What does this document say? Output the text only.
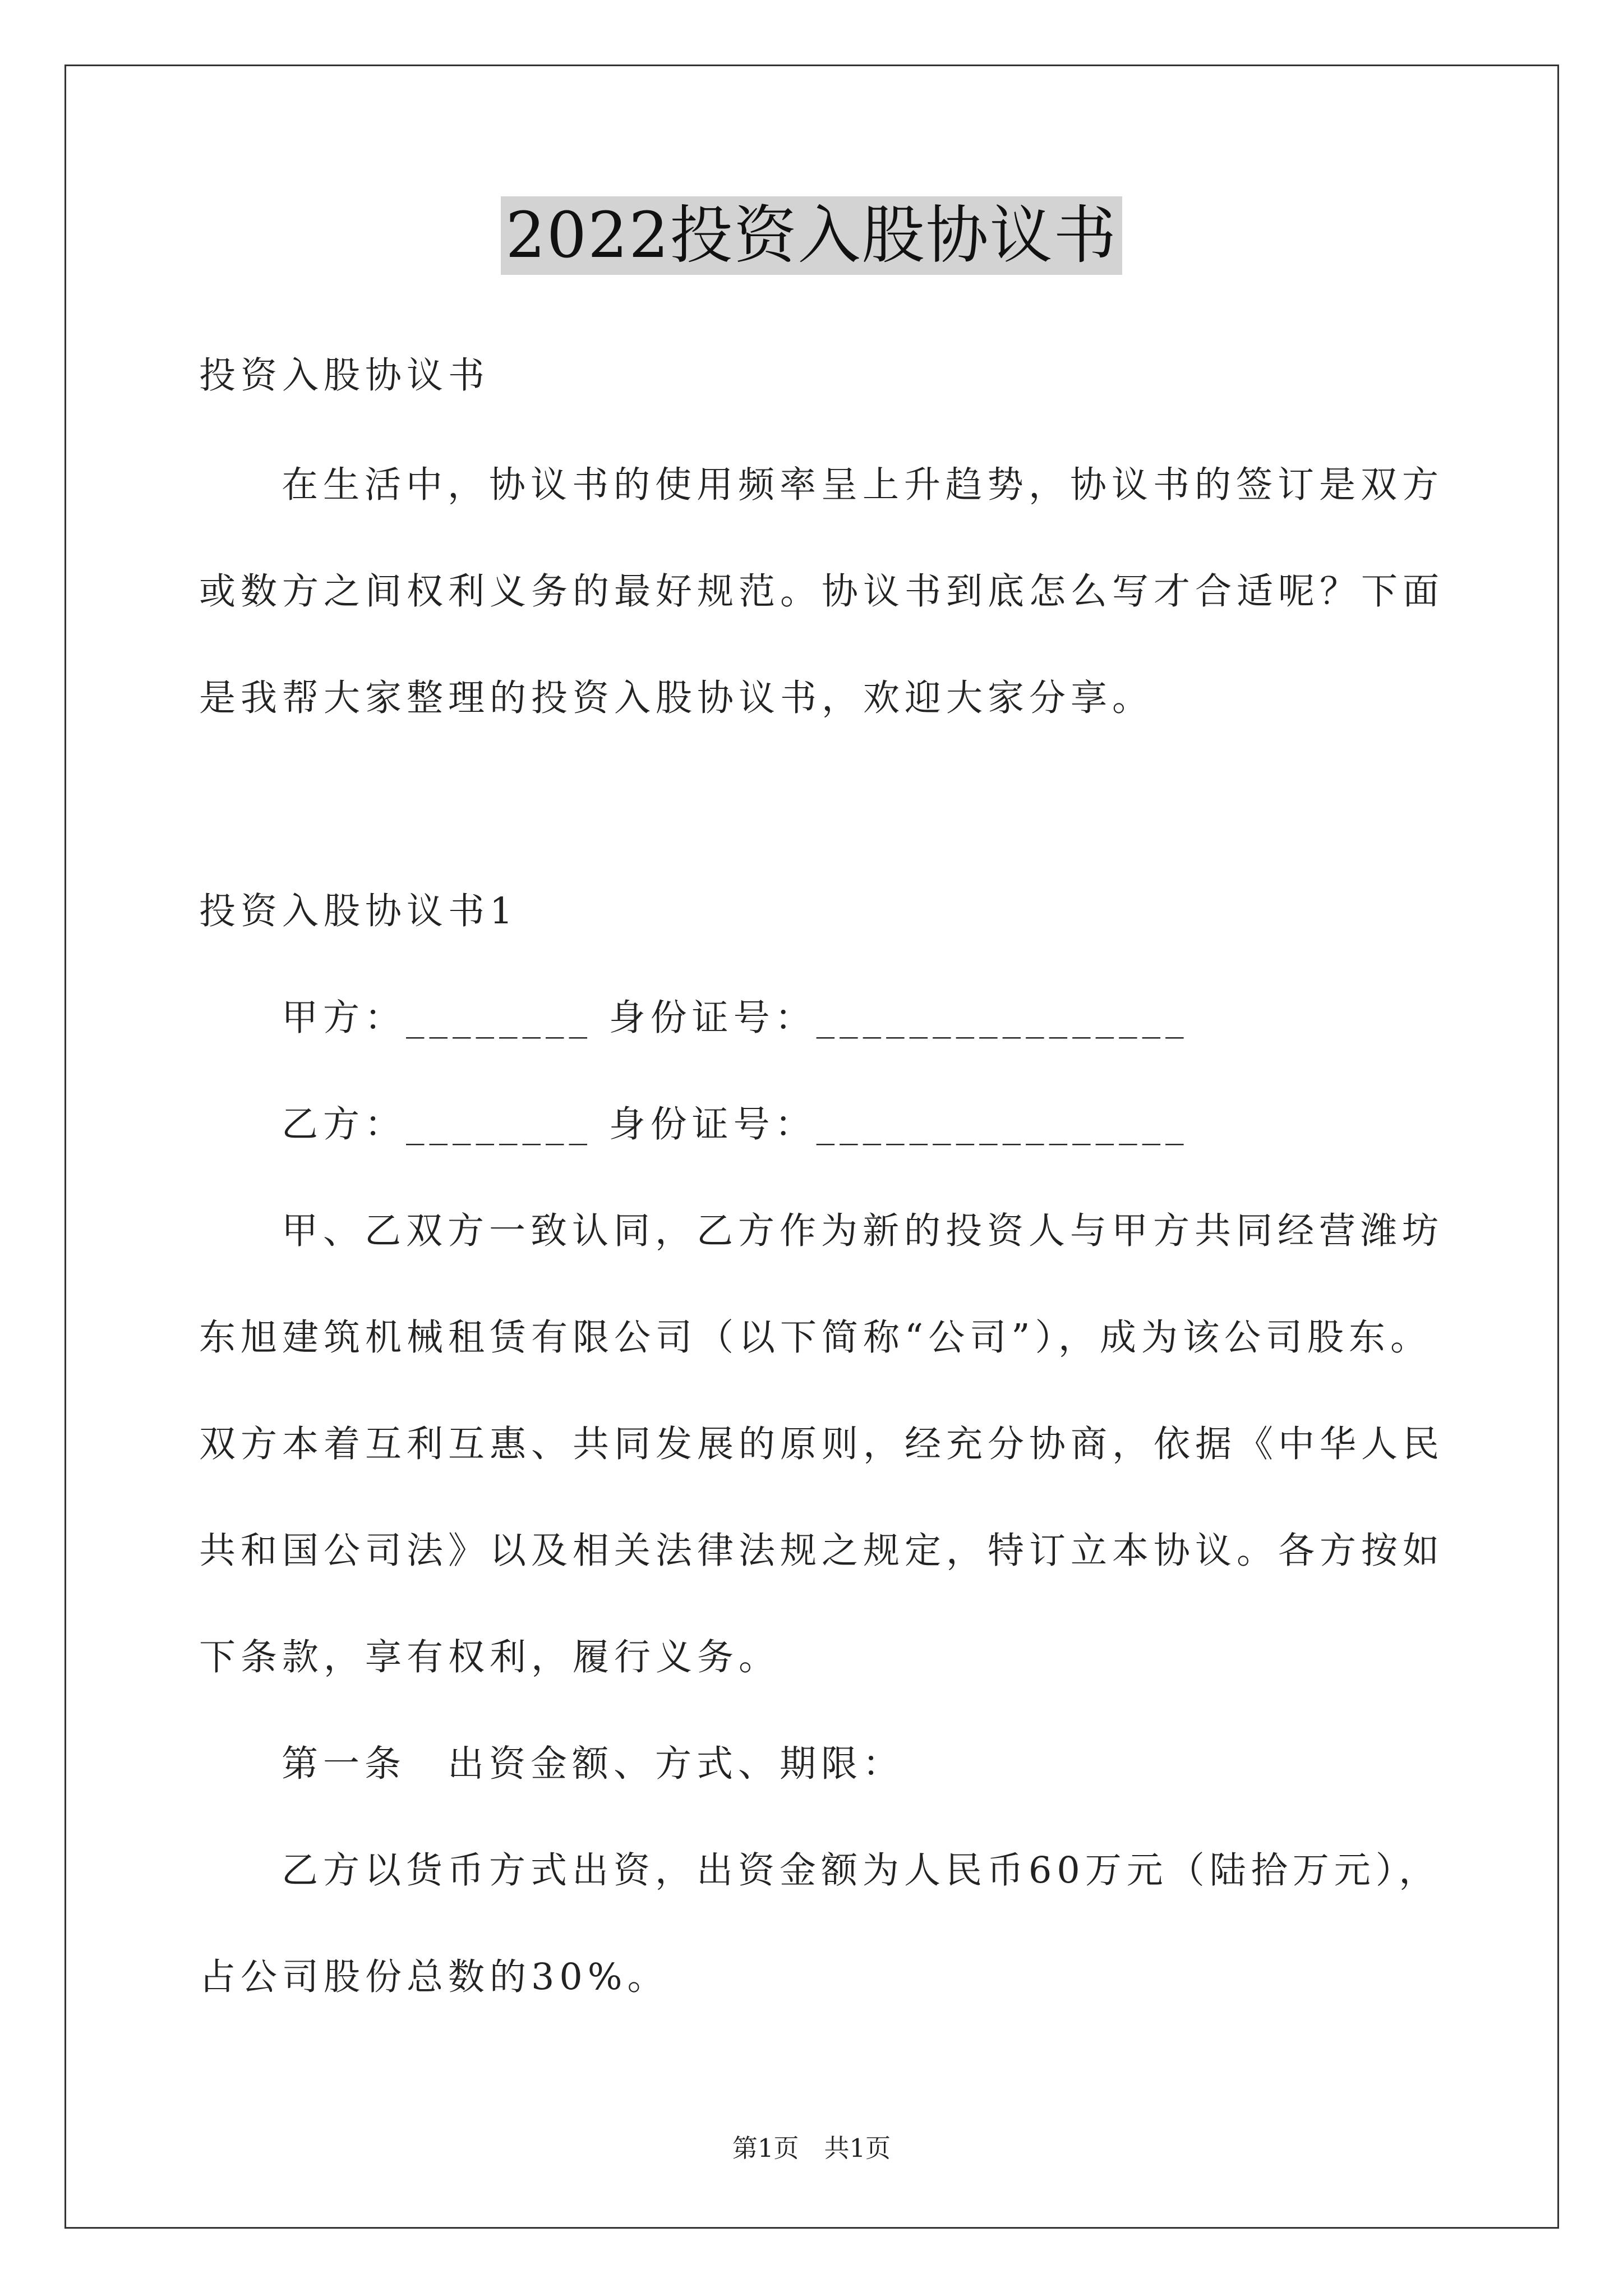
2022投资入股协议书
投资入股协议书
在生活中，协议书的使用频率呈上升趋势，协议书的签订是双方
或数方之间权利义务的最好规范。协议书到底怎么写才合适呢？下面
是我帮大家整理的投资入股协议书，欢迎大家分享。
投资入股协议书1
甲方：________ 身份证号：________________
乙方：________ 身份证号：________________
甲、乙双方一致认同，乙方作为新的投资人与甲方共同经营潍坊
东旭建筑机械租赁有限公司（以下简称“公司”），成为该公司股东。
双方本着互利互惠、共同发展的原则，经充分协商，依据《中华人民
共和国公司法》以及相关法律法规之规定，特订立本协议。各方按如
下条款，享有权利，履行义务。
第一条　出资金额、方式、期限：
乙方以货币方式出资，出资金额为人民币60万元（陆拾万元），
占公司股份总数的30%。
第1页　共1页
